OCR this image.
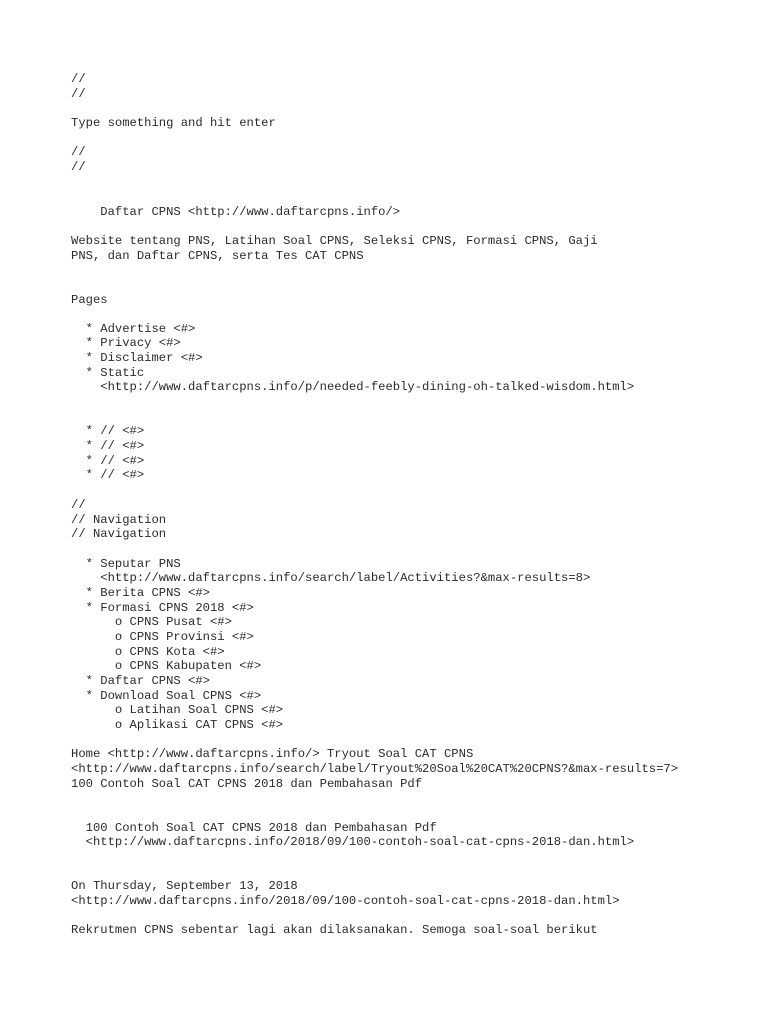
//
//
Type something and hit enter
//
//
Daftar CPNS <http://www.daftarcpns.info/>
Website tentang PNS, Latihan Soal CPNS, Seleksi CPNS, Formasi CPNS, Gaji
PNS, dan Daftar CPNS, serta Tes CAT CPNS
Pages
* Advertise <#>
* Privacy <#>
* Disclaimer <#>
* Static
<http://www.daftarcpns.info/p/needed-feebly-dining-oh-talked-wisdom.html>
* // <#>
* // <#>
* // <#>
* // <#>
//
// Navigation
// Navigation
* Seputar PNS
<http://www.daftarcpns.info/search/label/Activities?&max-results=8>
* Berita CPNS <#>
* Formasi CPNS 2018 <#>
o CPNS Pusat <#>
o CPNS Provinsi <#>
o CPNS Kota <#>
o CPNS Kabupaten <#>
* Daftar CPNS <#>
* Download Soal CPNS <#>
o Latihan Soal CPNS <#>
o Aplikasi CAT CPNS <#>
Home <http://www.daftarcpns.info/> Tryout Soal CAT CPNS
<http://www.daftarcpns.info/search/label/Tryout%20Soal%20CAT%20CPNS?&max-results=7>
100 Contoh Soal CAT CPNS 2018 dan Pembahasan Pdf
100 Contoh Soal CAT CPNS 2018 dan Pembahasan Pdf
<http://www.daftarcpns.info/2018/09/100-contoh-soal-cat-cpns-2018-dan.html>
On Thursday, September 13, 2018
<http://www.daftarcpns.info/2018/09/100-contoh-soal-cat-cpns-2018-dan.html>
Rekrutmen CPNS sebentar lagi akan dilaksanakan. Semoga soal-soal berikut
